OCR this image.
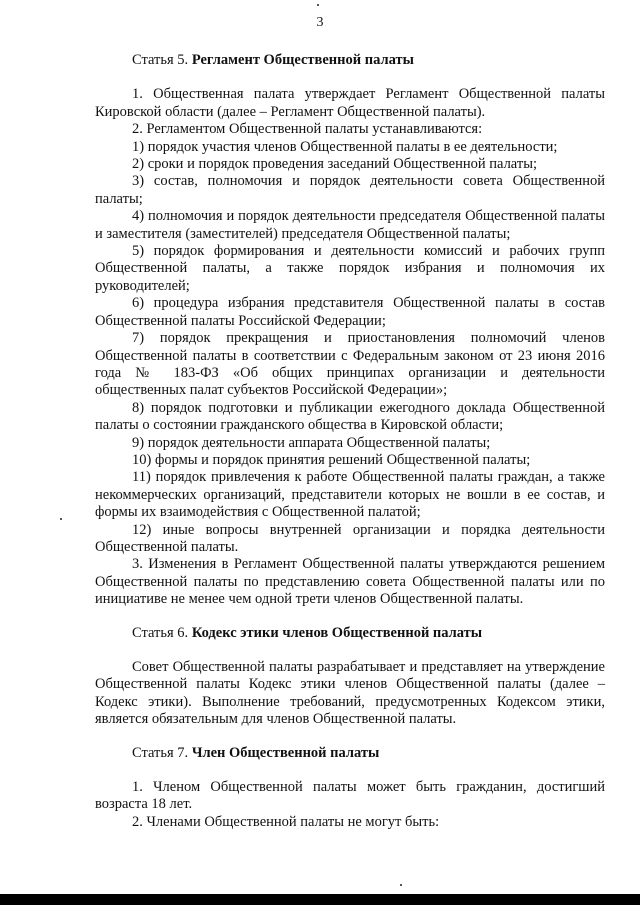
3

Статья 5. Регламент Общественной палаты

1. Общественная палата утверждает Регламент Общественной палаты Кировской области (далее – Регламент Общественной палаты).

2. Регламентом Общественной палаты устанавливаются:

1) порядок участия членов Общественной палаты в ее деятельности;

2) сроки и порядок проведения заседаний Общественной палаты;

3) состав, полномочия и порядок деятельности совета Общественной палаты;

4) полномочия и порядок деятельности председателя Общественной палаты и заместителя (заместителей) председателя Общественной палаты;

5) порядок формирования и деятельности комиссий и рабочих групп Общественной палаты, а также порядок избрания и полномочия их руководителей;

6) процедура избрания представителя Общественной палаты в состав Общественной палаты Российской Федерации;

7) порядок прекращения и приостановления полномочий членов Общественной палаты в соответствии с Федеральным законом от 23 июня 2016 года № 183-ФЗ «Об общих принципах организации и деятельности общественных палат субъектов Российской Федерации»;

8) порядок подготовки и публикации ежегодного доклада Общественной палаты о состоянии гражданского общества в Кировской области;

9) порядок деятельности аппарата Общественной палаты;

10) формы и порядок принятия решений Общественной палаты;

11) порядок привлечения к работе Общественной палаты граждан, а также некоммерческих организаций, представители которых не вошли в ее состав, и формы их взаимодействия с Общественной палатой;

12) иные вопросы внутренней организации и порядка деятельности Общественной палаты.

3. Изменения в Регламент Общественной палаты утверждаются решением Общественной палаты по представлению совета Общественной палаты или по инициативе не менее чем одной трети членов Общественной палаты.

Статья 6. Кодекс этики членов Общественной палаты

Совет Общественной палаты разрабатывает и представляет на утверждение Общественной палаты Кодекс этики членов Общественной палаты (далее – Кодекс этики). Выполнение требований, предусмотренных Кодексом этики, является обязательным для членов Общественной палаты.

Статья 7. Член Общественной палаты

1. Членом Общественной палаты может быть гражданин, достигший возраста 18 лет.

2. Членами Общественной палаты не могут быть:
